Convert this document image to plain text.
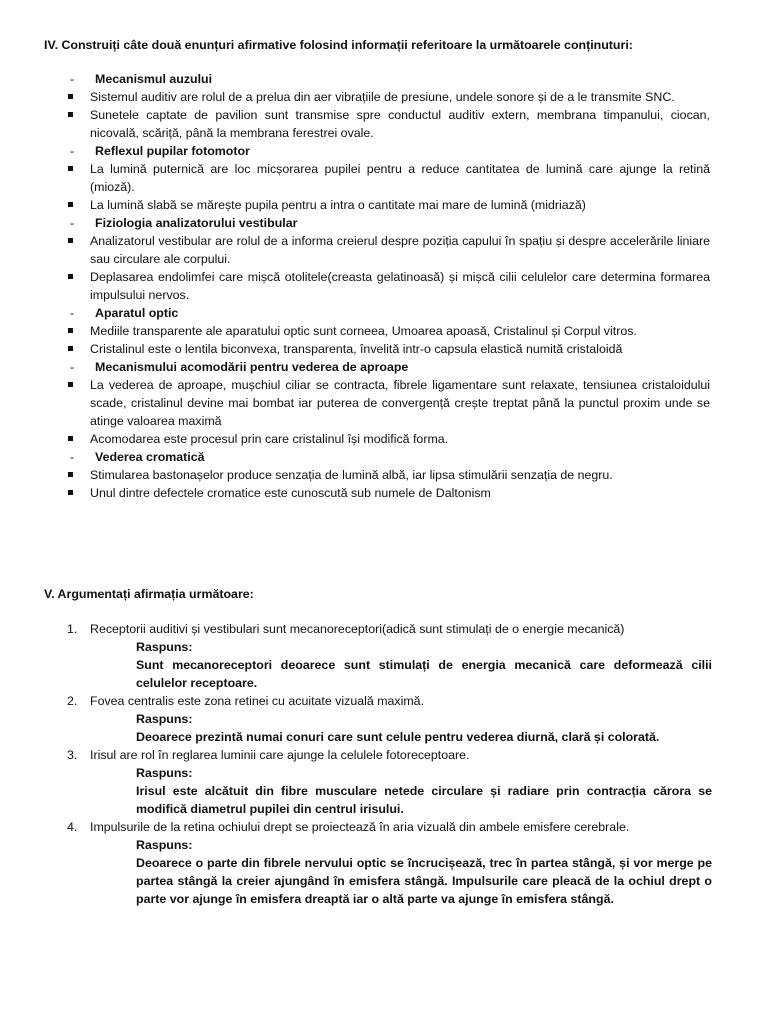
IV. Construiți câte două enunțuri afirmative folosind informații referitoare la următoarele conținuturi:

- Mecanismul auzului
Sistemul auditiv are rolul de a prelua din aer vibrațiile de presiune, undele sonore și de a le transmite SNC.
Sunetele captate de pavilion sunt transmise spre conductul auditiv extern, membrana timpanului, ciocan, nicovală, scăriță, până la membrana ferestrei ovale.
- Reflexul pupilar fotomotor
La lumină puternică are loc micșorarea pupilei pentru a reduce cantitatea de lumină care ajunge la retină (mioză).
La lumină slabă se mărește pupila pentru a intra o cantitate mai mare de lumină (midriază)
- Fiziologia analizatorului vestibular
Analizatorul vestibular are rolul de a informa creierul despre poziția capului în spațiu și despre accelerările liniare sau circulare ale corpului.
Deplasarea endolimfei care mișcă otolitele(creasta gelatinoasă) și mișcă cilii celulelor care determina formarea impulsului nervos.
- Aparatul optic
Mediile transparente ale aparatului optic sunt corneea, Umoarea apoasă, Cristalinul și Corpul vitros.
Cristalinul este o lentila biconvexa, transparenta, învelită intr-o capsula elastică numită cristaloidă
- Mecanismului acomodării pentru vederea de aproape
La vederea de aproape, mușchiul ciliar se contracta, fibrele ligamentare sunt relaxate, tensiunea cristaloidului scade, cristalinul devine mai bombat iar puterea de convergență crește treptat până la punctul proxim unde se atinge valoarea maximă
Acomodarea este procesul prin care cristalinul își modifică forma.
- Vederea cromatică
Stimularea bastonașelor produce senzația de lumină albă, iar lipsa stimulării senzația de negru.
Unul dintre defectele cromatice este cunoscută sub numele de Daltonism

V. Argumentați afirmația următoare:

1. Receptorii auditivi și vestibulari sunt mecanoreceptori(adică sunt stimulați de o energie mecanică)
Raspuns:
Sunt mecanoreceptori deoarece sunt stimulați de energia mecanică care deformează cilii celulelor receptoare.
2. Fovea centralis este zona retinei cu acuitate vizuală maximă.
Raspuns:
Deoarece prezintă numai conuri care sunt celule pentru vederea diurnă, clară și colorată.
3. Irisul are rol în reglarea luminii care ajunge la celulele fotoreceptoare.
Raspuns:
Irisul este alcătuit din fibre musculare netede circulare și radiare prin contracția cărora se modifică diametrul pupilei din centrul irisului.
4. Impulsurile de la retina ochiului drept se proiectează în aria vizuală din ambele emisfere cerebrale.
Raspuns:
Deoarece o parte din fibrele nervului optic se încrucișează, trec în partea stângă, și vor merge pe partea stângă la creier ajungând în emisfera stângă. Impulsurile care pleacă de la ochiul drept o parte vor ajunge în emisfera dreaptă iar o altă parte va ajunge în emisfera stângă.
